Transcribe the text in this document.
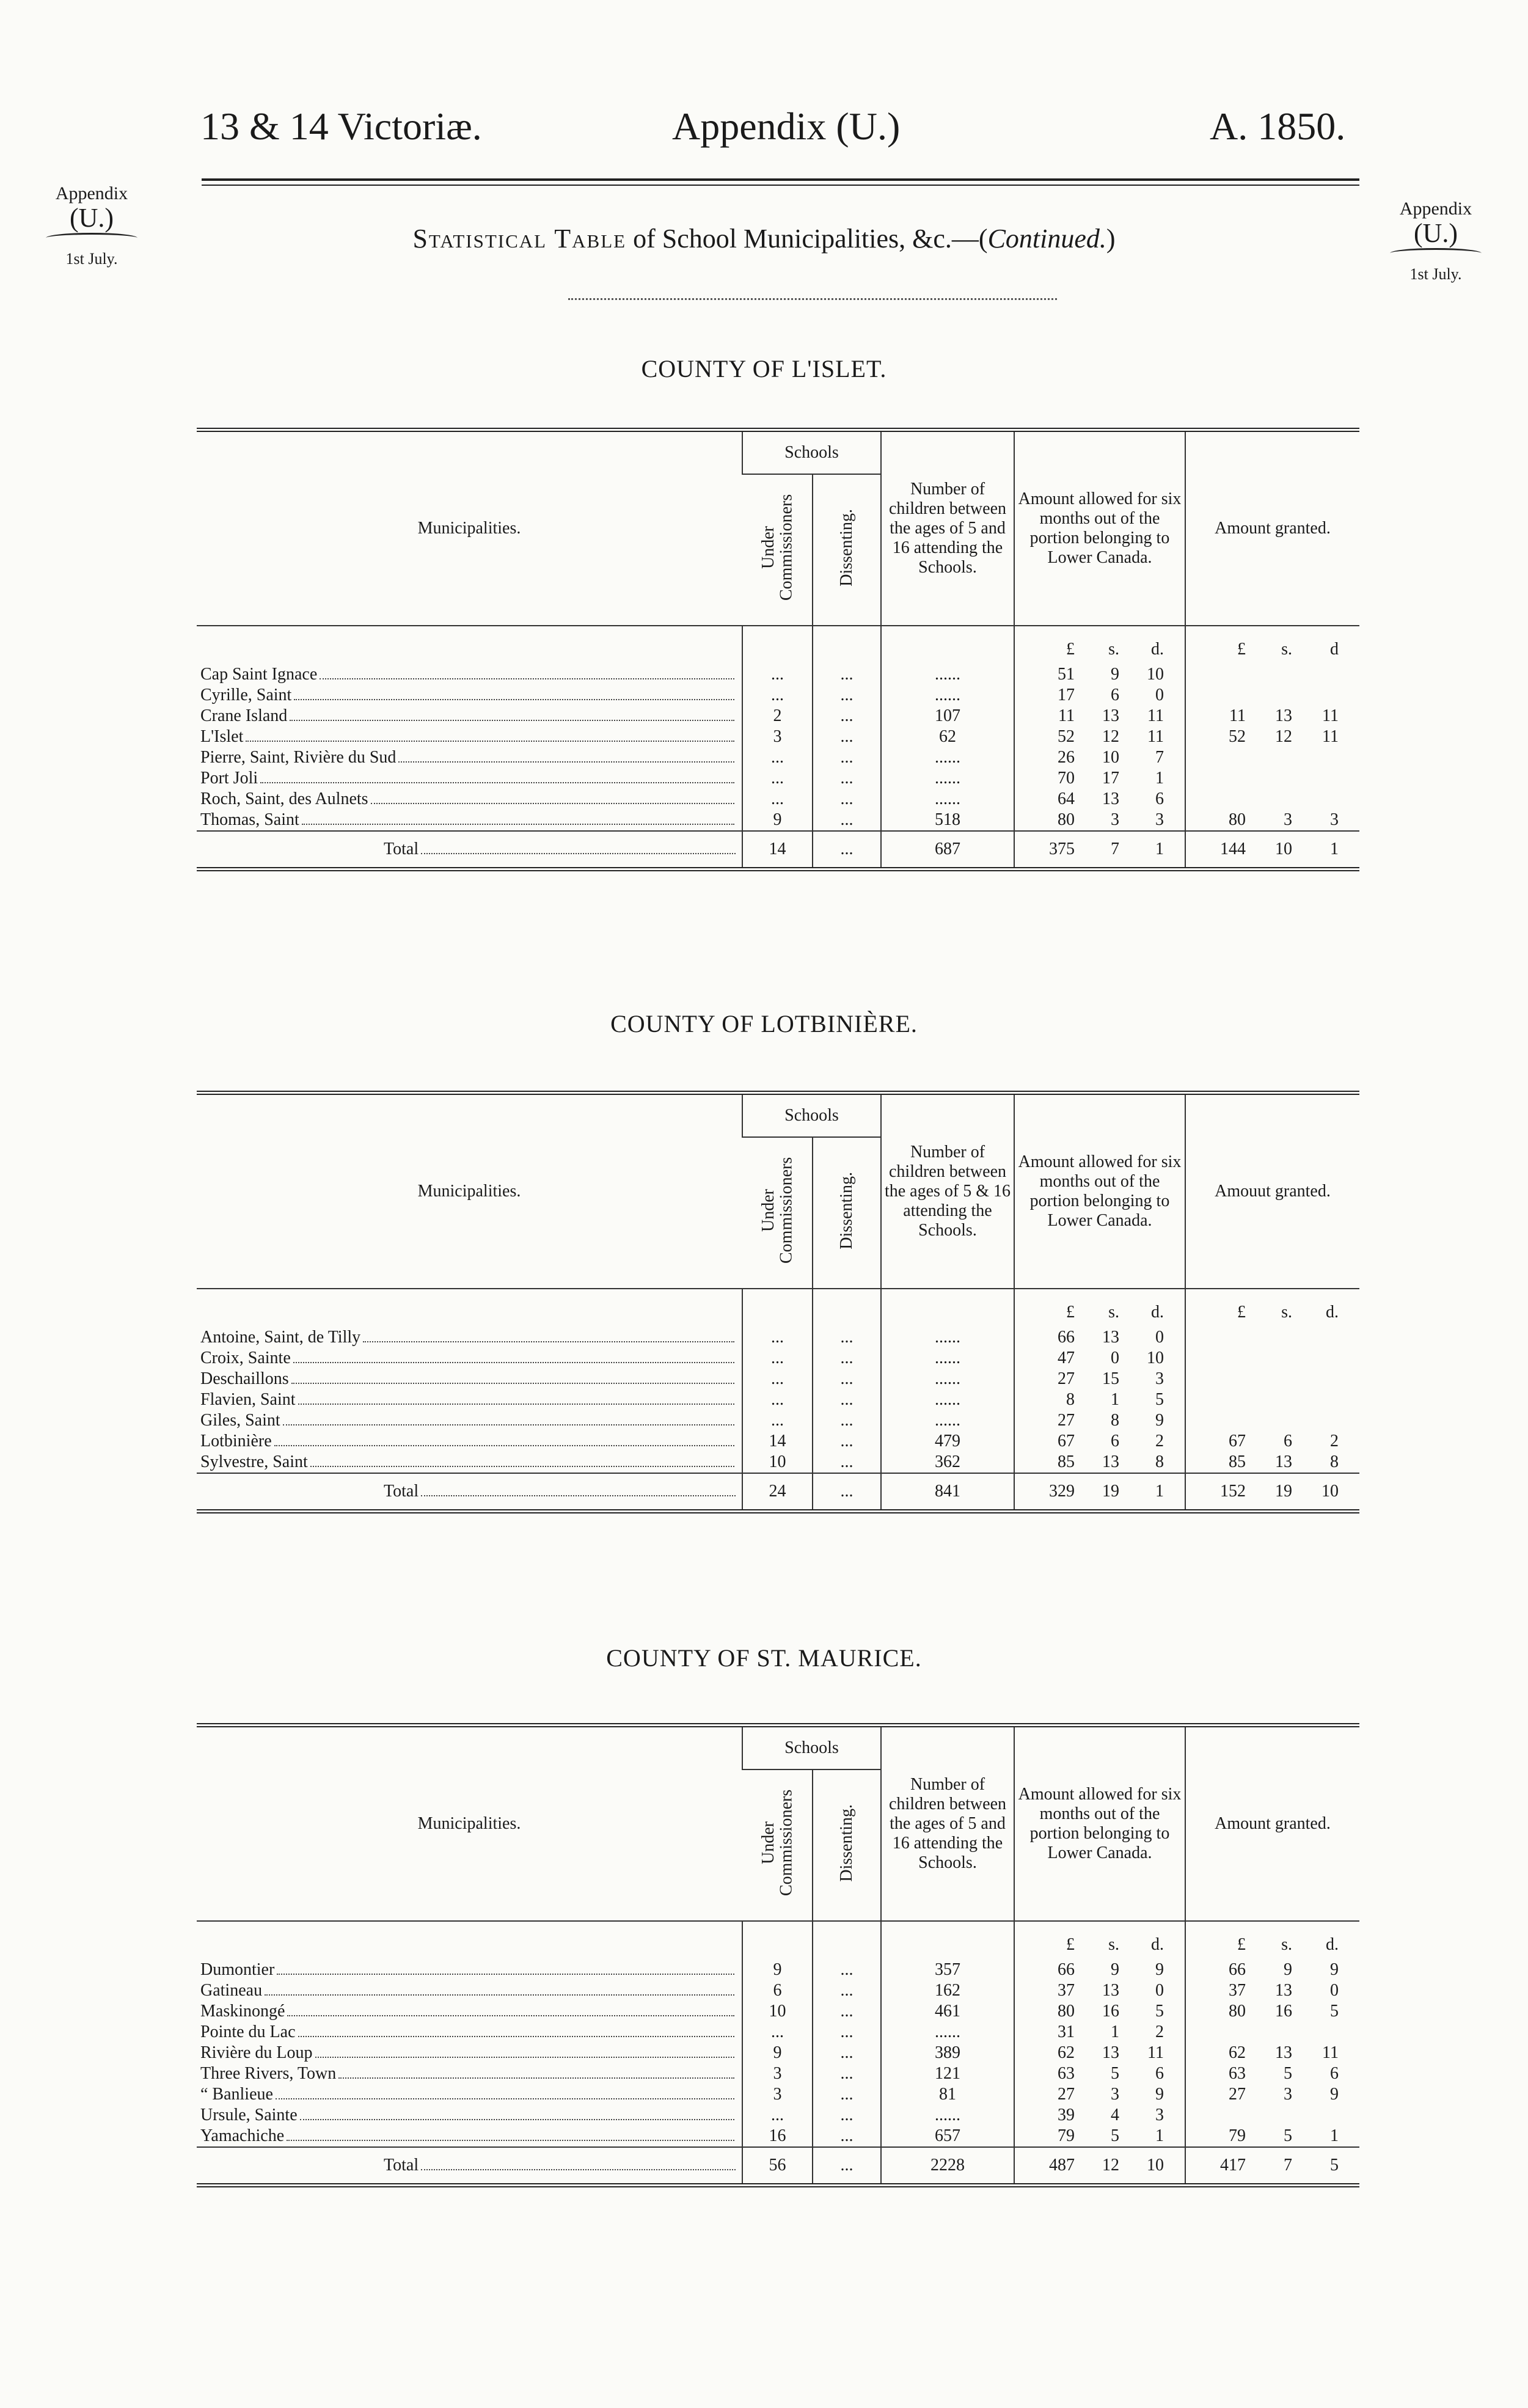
13 & 14 Victoriæ.	Appendix (U.)	A. 1850.
Appendix
(U.)
1st July.
Appendix
(U.)
1st July.
Statistical Table of School Municipalities, &c.—(Continued.)
COUNTY OF L'ISLET.
Municipalities.	Schools		Number of children between the ages of 5 and 16 attending the Schools.	Amount allowed for six months out of the portion belonging to Lower Canada.	Amount granted.
	Under Commissioners	Dissenting.			

				£ s. d.	£ s. d

Cap Saint Ignace	...	...	......	51 9 10	

Cyrille, Saint	...	...	......	17 6 0	

Crane Island	2	...	107	11 13 11	11 13 11

L'Islet	3	...	62	52 12 11	52 12 11

Pierre, Saint, Rivière du Sud	...	...	......	26 10 7	

Port Joli	...	...	......	70 17 1	

Roch, Saint, des Aulnets	...	...	......	64 13 6	

Thomas, Saint	9	...	518	80 3 3	80 3 3

Total	14	...	687	375 7 1	144 10 1
COUNTY OF LOTBINIÈRE.
Municipalities.	Schools		Number of children between the ages of 5 & 16 attending the Schools.	Amount allowed for six months out of the portion belonging to Lower Canada.	Amouut granted.
	Under Commissioners	Dissenting.			

				£ s. d.	£ s. d.

Antoine, Saint, de Tilly	...	...	......	66 13 0	

Croix, Sainte	...	...	......	47 0 10	

Deschaillons	...	...	......	27 15 3	

Flavien, Saint	...	...	......	8 1 5	

Giles, Saint	...	...	......	27 8 9	

Lotbinière	14	...	479	67 6 2	67 6 2

Sylvestre, Saint	10	...	362	85 13 8	85 13 8

Total	24	...	841	329 19 1	152 19 10
COUNTY OF ST. MAURICE.
Municipalities.	Schools		Number of children between the ages of 5 and 16 attending the Schools.	Amount allowed for six months out of the portion belonging to Lower Canada.	Amount granted.
	Under Commissioners	Dissenting.			

				£ s. d.	£ s. d.

Dumontier	9	...	357	66 9 9	66 9 9

Gatineau	6	...	162	37 13 0	37 13 0

Maskinongé	10	...	461	80 16 5	80 16 5

Pointe du Lac	...	...	......	31 1 2	

Rivière du Loup	9	...	389	62 13 11	62 13 11

Three Rivers, Town	3	...	121	63 5 6	63 5 6

“ Banlieue	3	...	81	27 3 9	27 3 9

Ursule, Sainte	...	...	......	39 4 3	

Yamachiche	16	...	657	79 5 1	79 5 1

Total	56	...	2228	487 12 10	417 7 5
